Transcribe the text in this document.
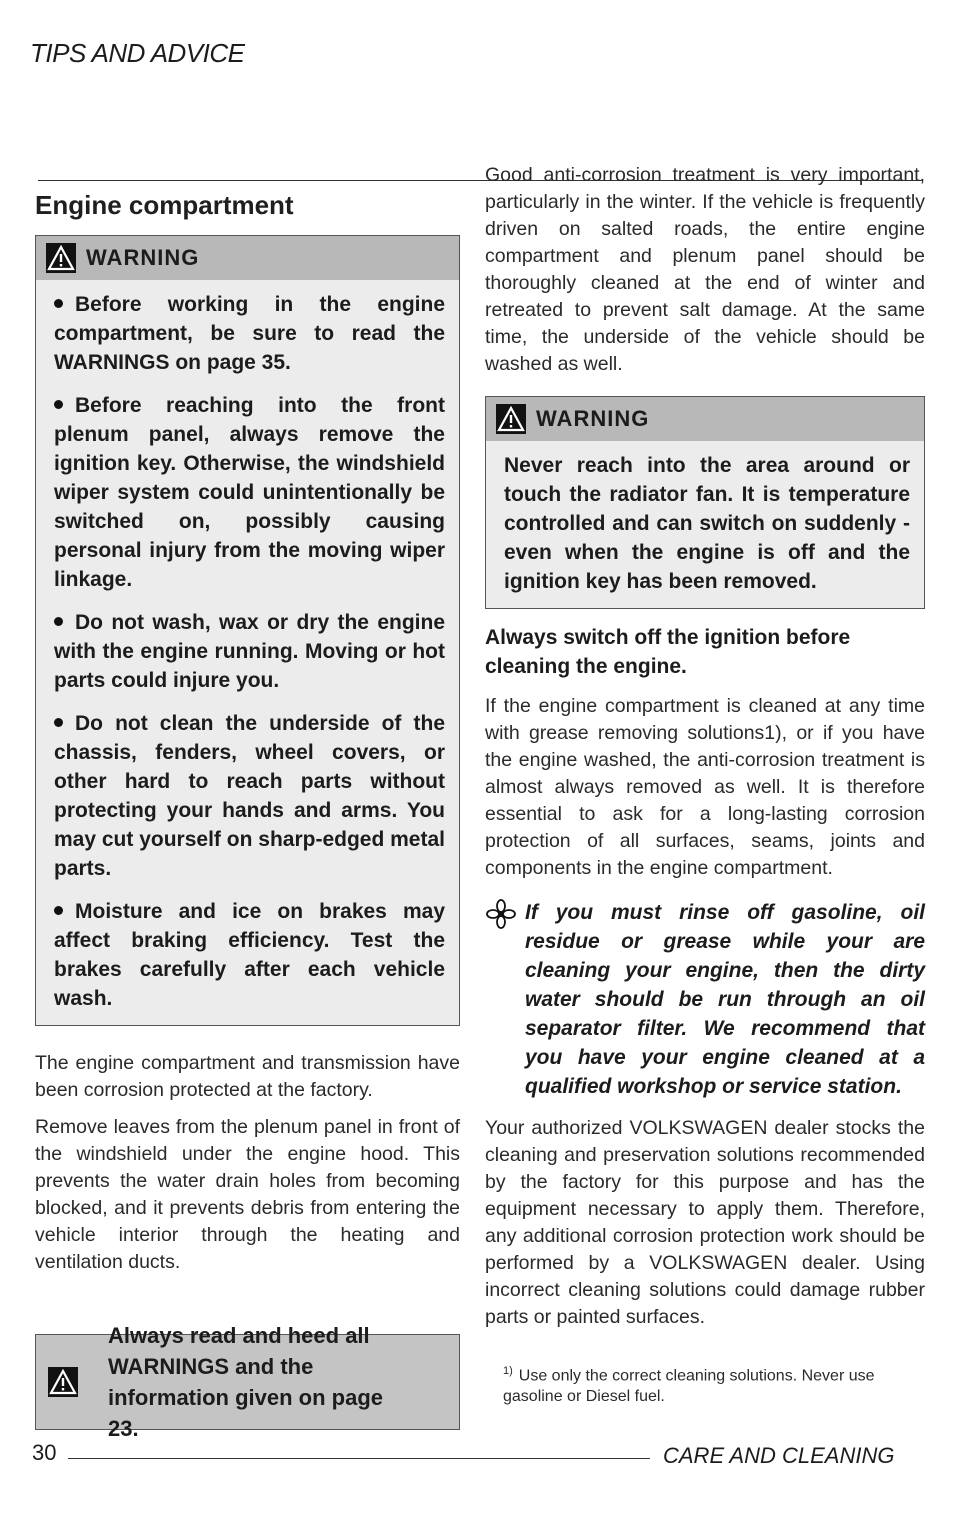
TIPS AND ADVICE
Engine compartment
WARNING
Before working in the engine compartment, be sure to read the WARNINGS on page 35.
Before reaching into the front plenum panel, always remove the ignition key. Otherwise, the windshield wiper system could unintentionally be switched on, possibly causing personal injury from the moving wiper linkage.
Do not wash, wax or dry the engine with the engine running. Moving or hot parts could injure you.
Do not clean the underside of the chassis, fenders, wheel covers, or other hard to reach parts without protecting your hands and arms. You may cut yourself on sharp-edged metal parts.
Moisture and ice on brakes may affect braking efficiency. Test the brakes carefully after each vehicle wash.

The engine compartment and transmission have been corrosion protected at the factory.

Remove leaves from the plenum panel in front of the windshield under the engine hood. This prevents the water drain holes from becoming blocked, and it prevents debris from entering the vehicle interior through the heating and ventilation ducts.

Always read and heed all WARNINGS and the information given on page 23.

Good anti-corrosion treatment is very important, particularly in the winter. If the vehicle is frequently driven on salted roads, the entire engine compartment and plenum panel should be thoroughly cleaned at the end of winter and retreated to prevent salt damage. At the same time, the underside of the vehicle should be washed as well.

WARNING
Never reach into the area around or touch the radiator fan. It is temperature controlled and can switch on suddenly - even when the engine is off and the ignition key has been removed.
Always switch off the ignition before cleaning the engine.

If the engine compartment is cleaned at any time with grease removing solutions1), or if you have the engine washed, the anti-corrosion treatment is almost always removed as well. It is therefore essential to ask for a long-lasting corrosion protection of all surfaces, seams, joints and components in the engine compartment.

If you must rinse off gasoline, oil residue or grease while your are cleaning your engine, then the dirty water should be run through an oil separator filter. We recommend that you have your engine cleaned at a qualified workshop or service station.

Your authorized VOLKSWAGEN dealer stocks the cleaning and preservation solutions recommended by the factory for this purpose and has the equipment necessary to apply them. Therefore, any additional corrosion protection work should be performed by a VOLKSWAGEN dealer. Using incorrect cleaning solutions could damage rubber parts or painted surfaces.

$^{1)}$ Use only the correct cleaning solutions. Never use gasoline or Diesel fuel.
30	CARE AND CLEANING
